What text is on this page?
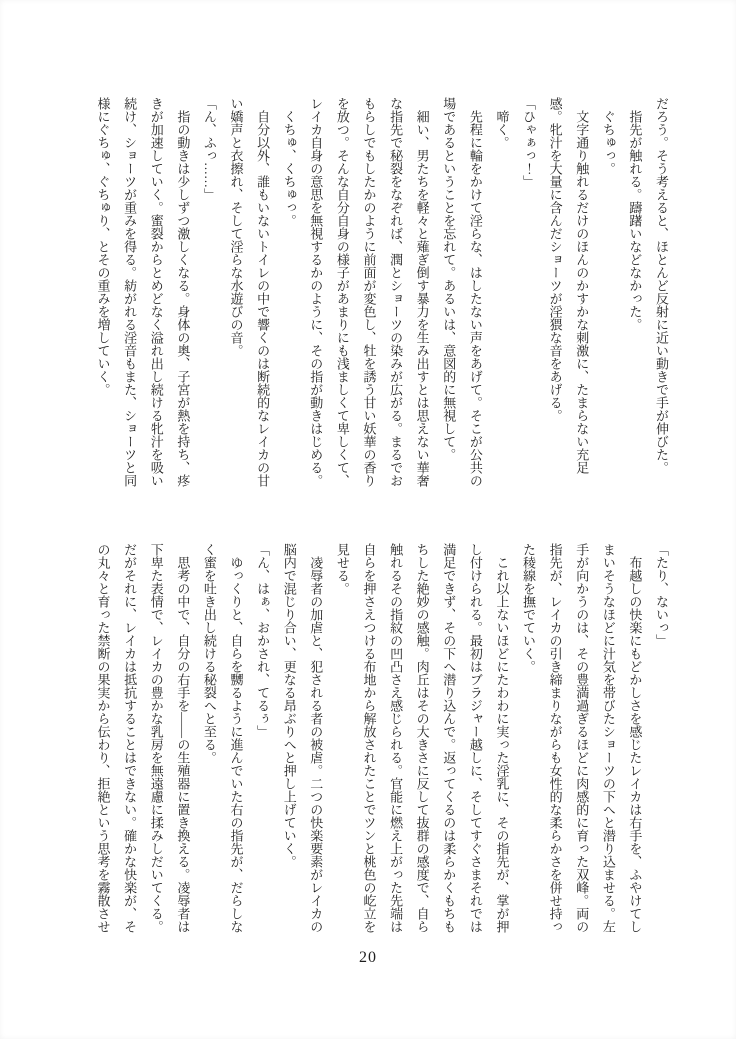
だろう。そう考えると、ほとんど反射に近い動きで手が伸びた。

指先が触れる。躊躇いなどなかった。

ぐちゅっ。

文字通り触れるだけのほんのかすかな刺激に、たまらない充足感。牝汁を大量に含んだショーツが淫猥な音をあげる。

「ひゃぁっ！」

啼く。

先程に輪をかけて淫らな、はしたない声をあげて。そこが公共の場であるということを忘れて。あるいは、意図的に無視して。

細い、男たちを軽々と薙ぎ倒す暴力を生み出すとは思えない華奢な指先で秘裂をなぞれば、潤とショーツの染みが広がる。まるでおもらしでもしたかのように前面が変色し、牡を誘う甘い妖華の香りを放つ。そんな自分自身の様子があまりにも浅ましくて卑しくて、レイカ自身の意思を無視するかのように、その指が動きはじめる。

くちゅ、くちゅっ。

自分以外、誰もいないトイレの中で響くのは断続的なレイカの甘い嬌声と衣擦れ、そして淫らな水遊びの音。

「ん、ふっ……」

指の動きは少しずつ激しくなる。身体の奥、子宮が熱を持ち、疼きが加速していく。蜜裂からとめどなく溢れ出し続ける牝汁を吸い続け、ショーツが重みを得る。紡がれる淫音もまた、ショーツと同様にぐちゅ、ぐちゅり、とその重みを増していく。

「たり、ないっ」

布越しの快楽にもどかしさを感じたレイカは右手を、ふやけてしまいそうなほどに汁気を帯びたショーツの下へと潜り込ませる。左手が向かうのは、その豊満過ぎるほどに肉感的に育った双峰。両の指先が、レイカの引き締まりながらも女性的な柔らかさを併せ持った稜線を撫でていく。

これ以上ないほどにたわわに実った淫乳に、その指先が、掌が押し付けられる。最初はブラジャー越しに、そしてすぐさまそれでは満足できず、その下へ潜り込んで。返ってくるのは柔らかくもちもちした絶妙の感触。肉丘はその大きさに反して抜群の感度で、自ら触れるその指紋の凹凸さえ感じられる。官能に燃え上がった先端は自らを押さえつける布地から解放されたことでツンと桃色の屹立を見せる。

凌辱者の加虐と、犯される者の被虐。二つの快楽要素がレイカの脳内で混じり合い、更なる昂ぶりへと押し上げていく。

「ん、はぁ、おかされ、てるぅ」

ゆっくりと、自らを嬲るように進んでいた右の指先が、だらしなく蜜を吐き出し続ける秘裂へと至る。

思考の中で、自分の右手を――の生殖器に置き換える。凌辱者は下卑た表情で、レイカの豊かな乳房を無遠慮に揉みしだいてくる。だがそれに、レイカは抵抗することはできない。確かな快楽が、その丸々と育った禁断の果実から伝わり、拒絶という思考を霧散させ

20
